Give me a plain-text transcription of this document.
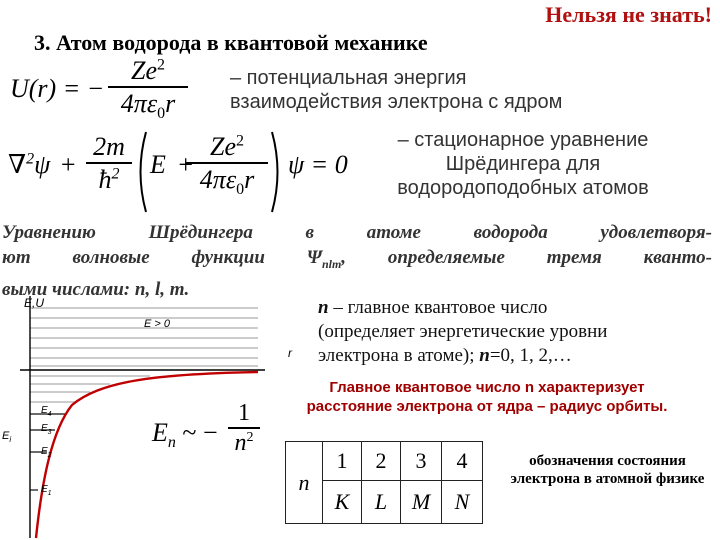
Нельзя не знать!
3. Атом водорода в квантовой механике
U(r) = − $\frac{Ze^2}{4\pi\varepsilon_0r}$ – потенциальная энергия
взаимодействия электрона с ядром
$\nabla^2\psi + \frac{2m}{ħ^2}$ E +
$\frac{Ze^2}{4\pi\varepsilon_0r}$ ψ = 0
– стационарное уравнение
Шрёдингера для
водородоподобных атомов
Уравнению Шрёдингера в атоме водорода удовлетворя-
ют волновые функции $\Psi_{nlm}$, определяемые тремя кванто-
выми числами: n, l, m.
E,U
E > 0
r
$E_i$
$E_4$
$E_3$
$E_2$
$E_1$
$E_n$ ~ − $\frac{1}{n^2}$
n – главное квантовое число
(определяет энергетические уровни
электрона в атоме); n=0, 1, 2,…
Главное квантовое число n характеризует
расстояние электрона от ядра – радиус орбиты.
n	1	2	3	4
	K	L	M	N
обозначения состояния электрона в атомной физике
